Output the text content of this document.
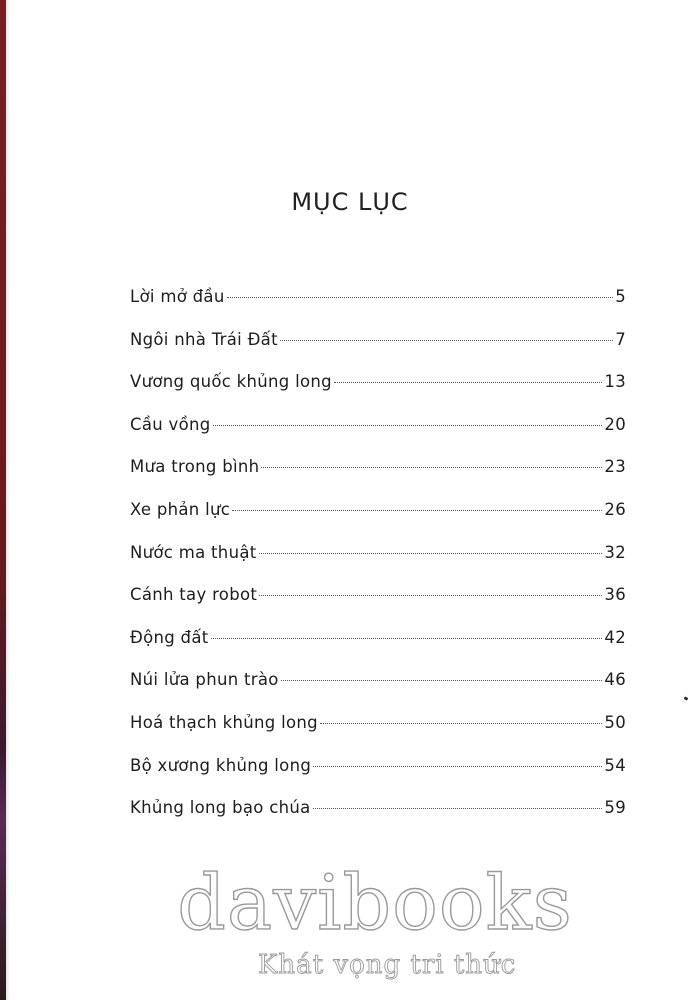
MỤC LỤC
Lời mở đầu	5
Ngôi nhà Trái Đất	7
Vương quốc khủng long	13
Cầu vồng	20
Mưa trong bình	23
Xe phản lực	26
Nước ma thuật	32
Cánh tay robot	36
Động đất	42
Núi lửa phun trào	46
Hoá thạch khủng long	50
Bộ xương khủng long	54
Khủng long bạo chúa	59
davibooks
Khát vọng tri thức
